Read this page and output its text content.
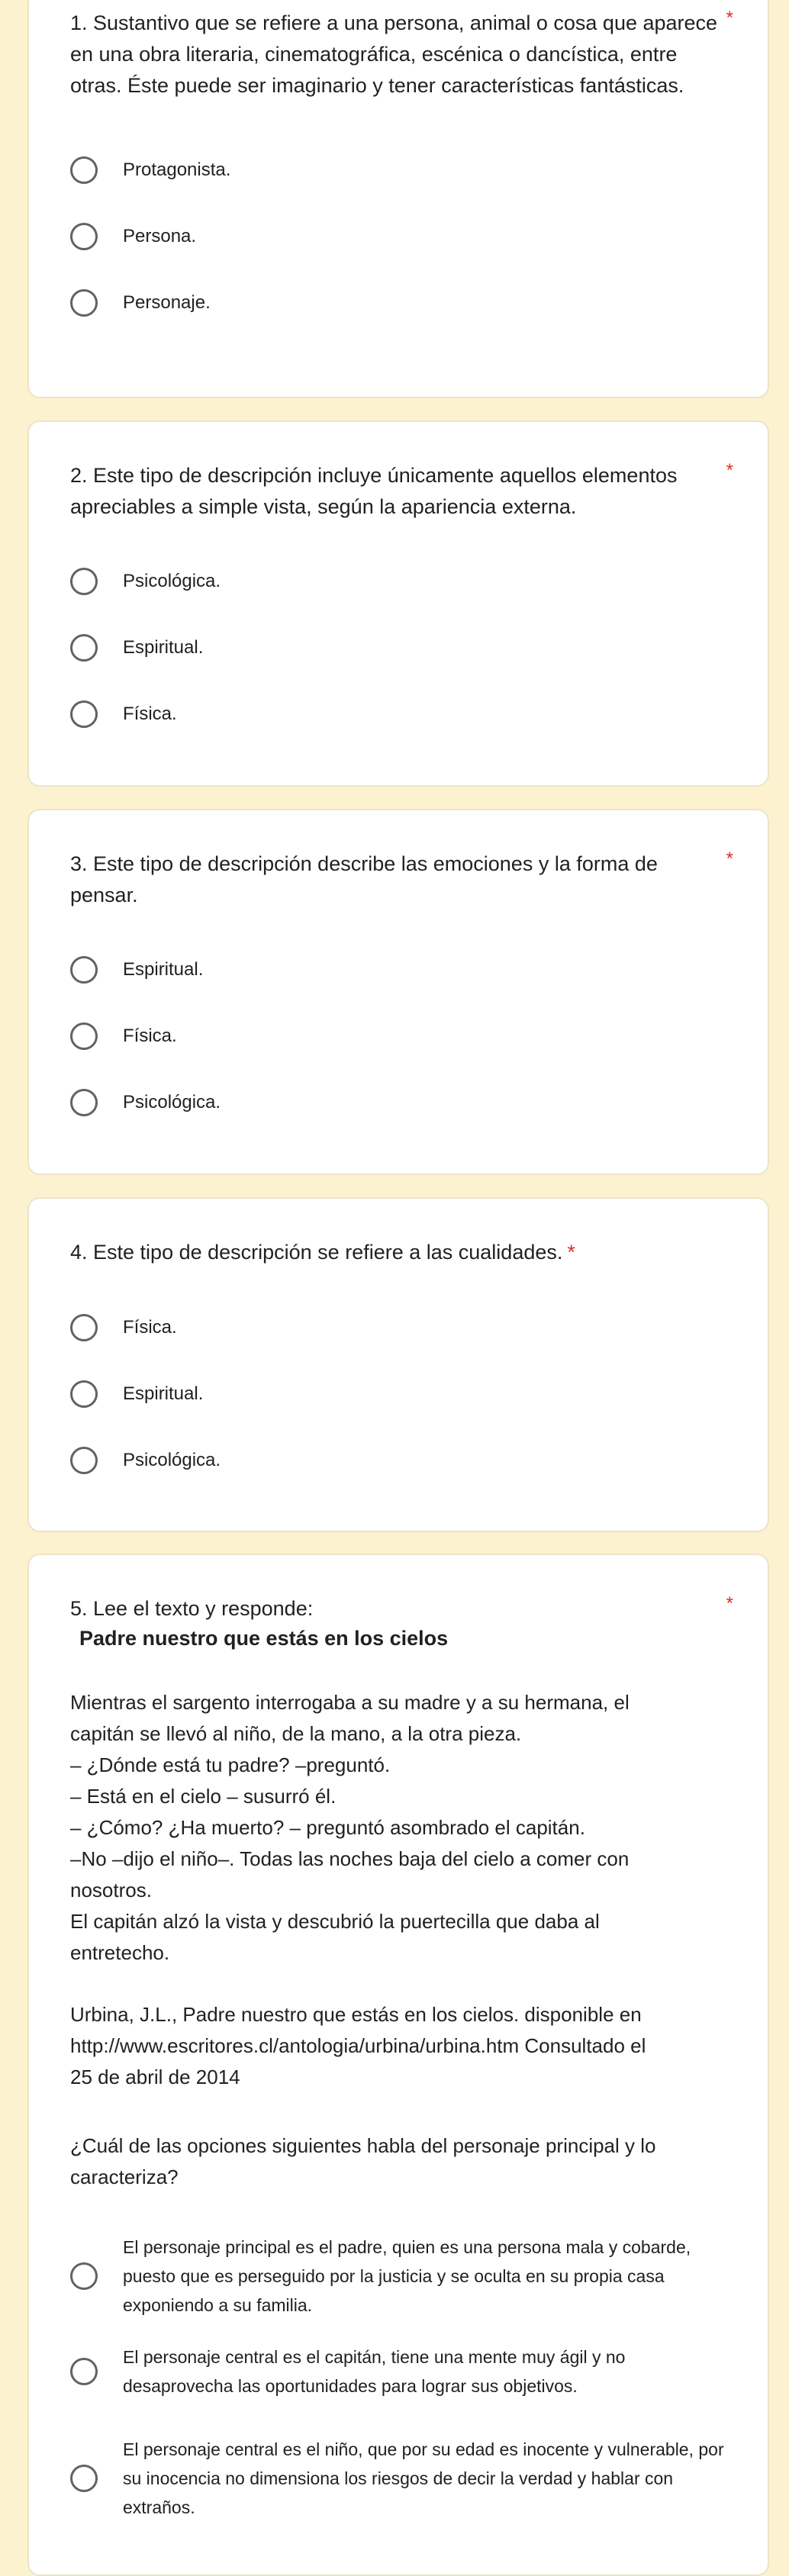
1. Sustantivo que se refiere a una persona, animal o cosa que aparece en una obra literaria, cinematográfica, escénica o dancística, entre otras. Éste puede ser imaginario y tener características fantásticas.
*
Protagonista.
Persona.
Personaje.
2. Este tipo de descripción incluye únicamente aquellos elementos apreciables a simple vista, según la apariencia externa.
*
Psicológica.
Espiritual.
Física.
3. Este tipo de descripción describe las emociones y la forma de pensar.
*
Espiritual.
Física.
Psicológica.
4. Este tipo de descripción se refiere a las cualidades. *
Física.
Espiritual.
Psicológica.
5. Lee el texto y responde:	*
Padre nuestro que estás en los cielos
Mientras el sargento interrogaba a su madre y a su hermana, el
capitán se llevó al niño, de la mano, a la otra pieza.
– ¿Dónde está tu padre? –preguntó.
– Está en el cielo – susurró él.
– ¿Cómo? ¿Ha muerto? – preguntó asombrado el capitán.
–No –dijo el niño–. Todas las noches baja del cielo a comer con
nosotros.
El capitán alzó la vista y descubrió la puertecilla que daba al
entretecho.
Urbina, J.L., Padre nuestro que estás en los cielos. disponible en
http://www.escritores.cl/antologia/urbina/urbina.htm Consultado el
25 de abril de 2014
¿Cuál de las opciones siguientes habla del personaje principal y lo
caracteriza?
El personaje principal es el padre, quien es una persona mala y cobarde, puesto que es perseguido por la justicia y se oculta en su propia casa exponiendo a su familia.
El personaje central es el capitán, tiene una mente muy ágil y no desaprovecha las oportunidades para lograr sus objetivos.
El personaje central es el niño, que por su edad es inocente y vulnerable, por su inocencia no dimensiona los riesgos de decir la verdad y hablar con extraños.
